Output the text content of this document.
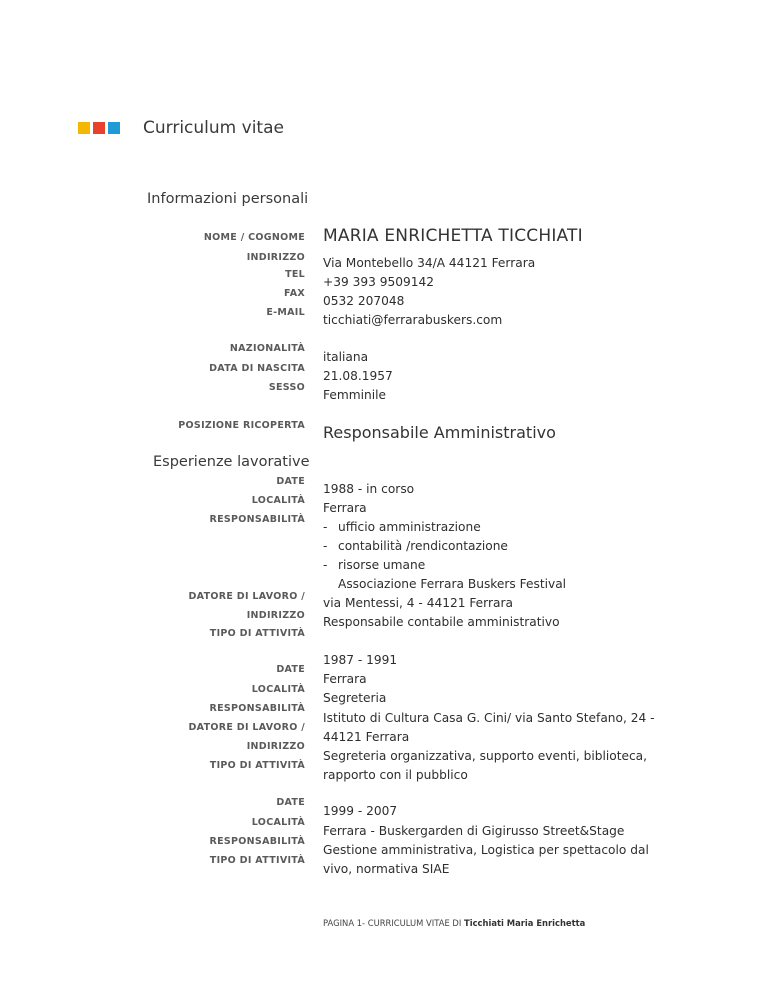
Curriculum vitae
Informazioni personali
NOME / COGNOME MARIA ENRICHETTA TICCHIATI
INDIRIZZO
TEL
FAX
E-MAIL
Via Montebello 34/A 44121 Ferrara
+39 393 9509142
0532 207048
ticchiati@ferrarabuskers.com
NAZIONALITÀ
DATA DI NASCITA
SESSO
italiana
21.08.1957
Femminile
POSIZIONE RICOPERTA Responsabile Amministrativo
Esperienze lavorative
DATE
LOCALITÀ
RESPONSABILITÀ
DATORE DI LAVORO /
INDIRIZZO
TIPO DI ATTIVITÀ
1988 - in corso
Ferrara
- ufficio amministrazione
- contabilità /rendicontazione
- risorse umane
Associazione Ferrara Buskers Festival
via Mentessi, 4 - 44121 Ferrara
Responsabile contabile amministrativo
DATE
LOCALITÀ
RESPONSABILITÀ
DATORE DI LAVORO /
INDIRIZZO
TIPO DI ATTIVITÀ
1987 - 1991
Ferrara
Segreteria
Istituto di Cultura Casa G. Cini/ via Santo Stefano, 24 -
44121 Ferrara
Segreteria organizzativa, supporto eventi, biblioteca,
rapporto con il pubblico
DATE
LOCALITÀ
RESPONSABILITÀ
TIPO DI ATTIVITÀ
1999 - 2007
Ferrara - Buskergarden di Gigirusso Street&Stage
Gestione amministrativa, Logistica per spettacolo dal
vivo, normativa SIAE
PAGINA 1- CURRICULUM VITAE DI Ticchiati Maria Enrichetta
